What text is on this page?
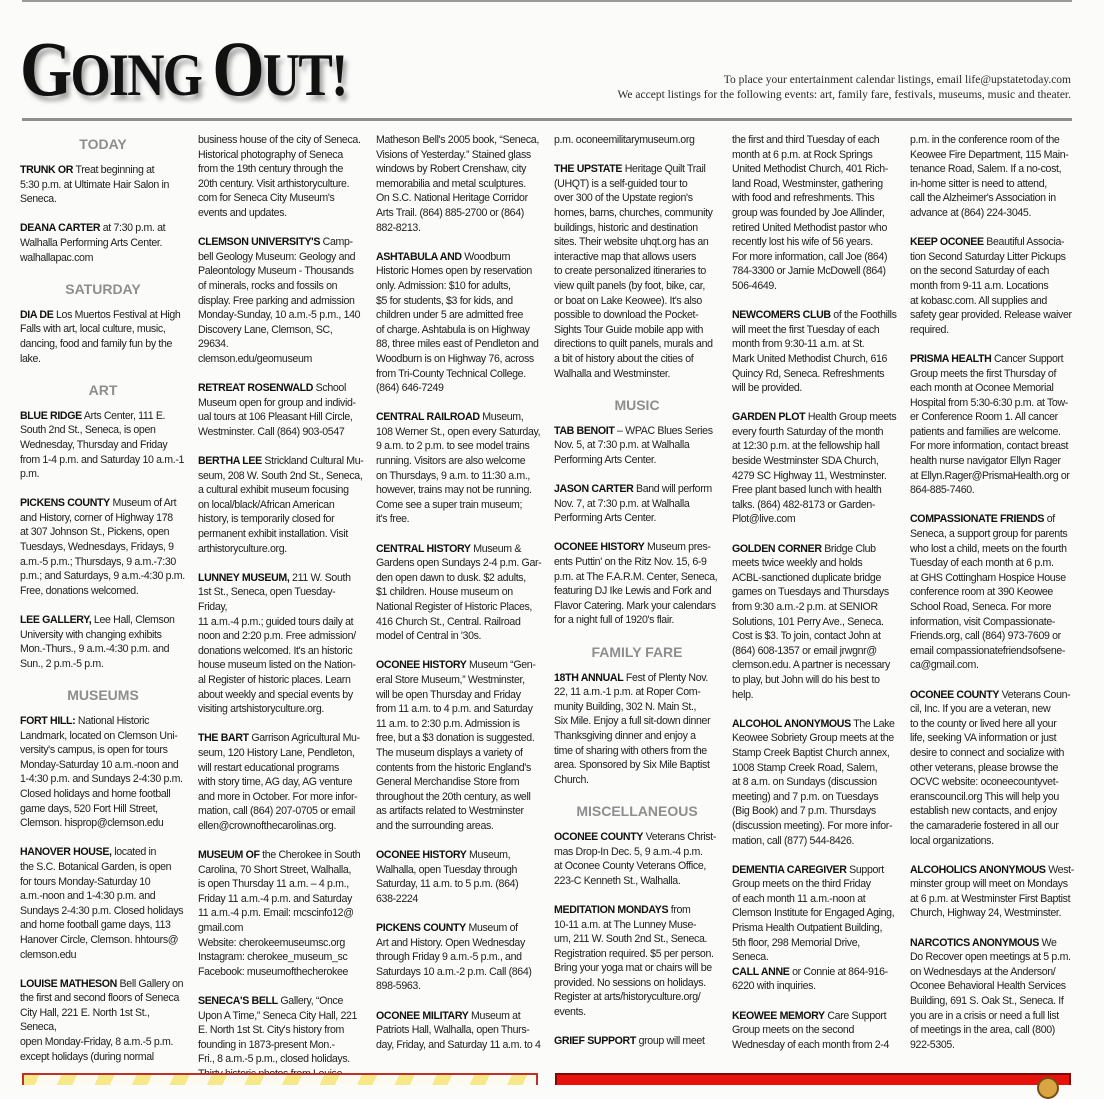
GOING OUT!	To place your entertainment calendar listings, email life@upstatetoday.com
We accept listings for the following events: art, family fare, festivals, museums, music and theater.
TODAY
TRUNK OR Treat beginning at
5:30 p.m. at Ultimate Hair Salon in
Seneca.
DEANA CARTER at 7:30 p.m. at
Walhalla Performing Arts Center.
walhallapac.com
SATURDAY
DIA DE Los Muertos Festival at High
Falls with art, local culture, music,
dancing, food and family fun by the
lake.
ART
BLUE RIDGE Arts Center, 111 E.
South 2nd St., Seneca, is open
Wednesday, Thursday and Friday
from 1-4 p.m. and Saturday 10 a.m.-1
p.m.
PICKENS COUNTY Museum of Art
and History, corner of Highway 178
at 307 Johnson St., Pickens, open
Tuesdays, Wednesdays, Fridays, 9
a.m.-5 p.m.; Thursdays, 9 a.m.-7:30
p.m.; and Saturdays, 9 a.m.-4:30 p.m.
Free, donations welcomed.
LEE GALLERY, Lee Hall, Clemson
University with changing exhibits
Mon.-Thurs., 9 a.m.-4:30 p.m. and
Sun., 2 p.m.-5 p.m.
MUSEUMS
FORT HILL: National Historic
Landmark, located on Clemson Uni-
versity's campus, is open for tours
Monday-Saturday 10 a.m.-noon and
1-4:30 p.m. and Sundays 2-4:30 p.m.
Closed holidays and home football
game days, 520 Fort Hill Street,
Clemson. hisprop@clemson.edu
HANOVER HOUSE, located in
the S.C. Botanical Garden, is open
for tours Monday-Saturday 10
a.m.-noon and 1-4:30 p.m. and
Sundays 2-4:30 p.m. Closed holidays
and home football game days, 113
Hanover Circle, Clemson. hhtours@
clemson.edu
LOUISE MATHESON Bell Gallery on
the first and second floors of Seneca
City Hall, 221 E. North 1st St., Seneca,
open Monday-Friday, 8 a.m.-5 p.m.
except holidays (during normal
business house of the city of Seneca.
Historical photography of Seneca
from the 19th century through the
20th century. Visit arthistoryculture.
com for Seneca City Museum's
events and updates.
CLEMSON UNIVERSITY'S Camp-
bell Geology Museum: Geology and
Paleontology Museum - Thousands
of minerals, rocks and fossils on
display. Free parking and admission
Monday-Sunday, 10 a.m.-5 p.m., 140
Discovery Lane, Clemson, SC, 29634.
clemson.edu/geomuseum
RETREAT ROSENWALD School
Museum open for group and individ-
ual tours at 106 Pleasant Hill Circle,
Westminster. Call (864) 903-0547
BERTHA LEE Strickland Cultural Mu-
seum, 208 W. South 2nd St., Seneca,
a cultural exhibit museum focusing
on local/black/African American
history, is temporarily closed for
permanent exhibit installation. Visit
arthistoryculture.org.
LUNNEY MUSEUM, 211 W. South
1st St., Seneca, open Tuesday-Friday,
11 a.m.-4 p.m.; guided tours daily at
noon and 2:20 p.m. Free admission/
donations welcomed. It's an historic
house museum listed on the Nation-
al Register of historic places. Learn
about weekly and special events by
visiting artshistoryculture.org.
THE BART Garrison Agricultural Mu-
seum, 120 History Lane, Pendleton,
will restart educational programs
with story time, AG day, AG venture
and more in October. For more infor-
mation, call (864) 207-0705 or email
ellen@crownofthecarolinas.org.
MUSEUM OF the Cherokee in South
Carolina, 70 Short Street, Walhalla,
is open Thursday 11 a.m. – 4 p.m.,
Friday 11 a.m.-4 p.m. and Saturday
11 a.m.-4 p.m. Email: mcscinfo12@
gmail.com
Website: cherokeemuseumsc.org
Instagram: cherokee_museum_sc
Facebook: museumofthecherokee
SENECA'S BELL Gallery, “Once
Upon A Time,” Seneca City Hall, 221
E. North 1st St. City's history from
founding in 1873-present Mon.-
Fri., 8 a.m.-5 p.m., closed holidays.
Matheson Bell's 2005 book, “Seneca,
Visions of Yesterday.” Stained glass
windows by Robert Crenshaw, city
memorabilia and metal sculptures.
On S.C. National Heritage Corridor
Arts Trail. (864) 885-2700 or (864)
882-8213.
ASHTABULA AND Woodburn
Historic Homes open by reservation
only. Admission: $10 for adults,
$5 for students, $3 for kids, and
children under 5 are admitted free
of charge. Ashtabula is on Highway
88, three miles east of Pendleton and
Woodburn is on Highway 76, across
from Tri-County Technical College.
(864) 646-7249
CENTRAL RAILROAD Museum,
108 Werner St., open every Saturday,
9 a.m. to 2 p.m. to see model trains
running. Visitors are also welcome
on Thursdays, 9 a.m. to 11:30 a.m.,
however, trains may not be running.
Come see a super train museum;
it's free.
CENTRAL HISTORY Museum &
Gardens open Sundays 2-4 p.m. Gar-
den open dawn to dusk. $2 adults,
$1 children. House museum on
National Register of Historic Places,
416 Church St., Central. Railroad
model of Central in '30s.
OCONEE HISTORY Museum “Gen-
eral Store Museum,” Westminster,
will be open Thursday and Friday
from 11 a.m. to 4 p.m. and Saturday
11 a.m. to 2:30 p.m. Admission is
free, but a $3 donation is suggested.
The museum displays a variety of
contents from the historic England's
General Merchandise Store from
throughout the 20th century, as well
as artifacts related to Westminster
and the surrounding areas.
OCONEE HISTORY Museum,
Walhalla, open Tuesday through
Saturday, 11 a.m. to 5 p.m. (864)
638-2224
PICKENS COUNTY Museum of
Art and History. Open Wednesday
through Friday 9 a.m.-5 p.m., and
Saturdays 10 a.m.-2 p.m. Call (864)
898-5963.
OCONEE MILITARY Museum at
Patriots Hall, Walhalla, open Thurs-
day, Friday, and Saturday 11 a.m. to 4
p.m. oconeemilitarymuseum.org
THE UPSTATE Heritage Quilt Trail
(UHQT) is a self-guided tour to
over 300 of the Upstate region's
homes, barns, churches, community
buildings, historic and destination
sites. Their website uhqt.org has an
interactive map that allows users
to create personalized itineraries to
view quilt panels (by foot, bike, car,
or boat on Lake Keowee). It's also
possible to download the Pocket-
Sights Tour Guide mobile app with
directions to quilt panels, murals and
a bit of history about the cities of
Walhalla and Westminster.
MUSIC
TAB BENOIT – WPAC Blues Series
Nov. 5, at 7:30 p.m. at Walhalla
Performing Arts Center.
JASON CARTER Band will perform
Nov. 7, at 7:30 p.m. at Walhalla
Performing Arts Center.
OCONEE HISTORY Museum pres-
ents Puttin' on the Ritz Nov. 15, 6-9
p.m. at The F.A.R.M. Center, Seneca,
featuring DJ Ike Lewis and Fork and
Flavor Catering. Mark your calendars
for a night full of 1920's flair.
FAMILY FARE
18TH ANNUAL Fest of Plenty Nov.
22, 11 a.m.-1 p.m. at Roper Com-
munity Building, 302 N. Main St.,
Six Mile. Enjoy a full sit-down dinner
Thanksgiving dinner and enjoy a
time of sharing with others from the
area. Sponsored by Six Mile Baptist
Church.
MISCELLANEOUS
OCONEE COUNTY Veterans Christ-
mas Drop-In Dec. 5, 9 a.m.-4 p.m.
at Oconee County Veterans Office,
223-C Kenneth St., Walhalla.
MEDITATION MONDAYS from
10-11 a.m. at The Lunney Muse-
um, 211 W. South 2nd St., Seneca.
Registration required. $5 per person.
Bring your yoga mat or chairs will be
provided. No sessions on holidays.
Register at arts/historyculture.org/
events.
GRIEF SUPPORT group will meet
the first and third Tuesday of each
month at 6 p.m. at Rock Springs
United Methodist Church, 401 Rich-
land Road, Westminster, gathering
with food and refreshments. This
group was founded by Joe Allinder,
retired United Methodist pastor who
recently lost his wife of 56 years.
For more information, call Joe (864)
784-3300 or Jamie McDowell (864)
506-4649.
NEWCOMERS CLUB of the Foothills
will meet the first Tuesday of each
month from 9:30-11 a.m. at St.
Mark United Methodist Church, 616
Quincy Rd, Seneca. Refreshments
will be provided.
GARDEN PLOT Health Group meets
every fourth Saturday of the month
at 12:30 p.m. at the fellowship hall
beside Westminster SDA Church,
4279 SC Highway 11, Westminster.
Free plant based lunch with health
talks. (864) 482-8173 or Garden-
Plot@live.com
GOLDEN CORNER Bridge Club
meets twice weekly and holds
ACBL-sanctioned duplicate bridge
games on Tuesdays and Thursdays
from 9:30 a.m.-2 p.m. at SENIOR
Solutions, 101 Perry Ave., Seneca.
Cost is $3. To join, contact John at
(864) 608-1357 or email jrwgnr@
clemson.edu. A partner is necessary
to play, but John will do his best to
help.
ALCOHOL ANONYMOUS The Lake
Keowee Sobriety Group meets at the
Stamp Creek Baptist Church annex,
1008 Stamp Creek Road, Salem,
at 8 a.m. on Sundays (discussion
meeting) and 7 p.m. on Tuesdays
(Big Book) and 7 p.m. Thursdays
(discussion meeting). For more infor-
mation, call (877) 544-8426.
DEMENTIA CAREGIVER Support
Group meets on the third Friday
of each month 11 a.m.-noon at
Clemson Institute for Engaged Aging,
Prisma Health Outpatient Building,
5th floor, 298 Memorial Drive,
Seneca.
CALL ANNE or Connie at 864-916-
6220 with inquiries.
KEOWEE MEMORY Care Support
Group meets on the second
Wednesday of each month from 2-4
p.m. in the conference room of the
Keowee Fire Department, 115 Main-
tenance Road, Salem. If a no-cost,
in-home sitter is need to attend,
call the Alzheimer's Association in
advance at (864) 224-3045.
KEEP OCONEE Beautiful Associa-
tion Second Saturday Litter Pickups
on the second Saturday of each
month from 9-11 a.m. Locations
at kobasc.com. All supplies and
safety gear provided. Release waiver
required.
PRISMA HEALTH Cancer Support
Group meets the first Thursday of
each month at Oconee Memorial
Hospital from 5:30-6:30 p.m. at Tow-
er Conference Room 1. All cancer
patients and families are welcome.
For more information, contact breast
health nurse navigator Ellyn Rager
at Ellyn.Rager@PrismaHealth.org or
864-885-7460.
COMPASSIONATE FRIENDS of
Seneca, a support group for parents
who lost a child, meets on the fourth
Tuesday of each month at 6 p.m.
at GHS Cottingham Hospice House
conference room at 390 Keowee
School Road, Seneca. For more
information, visit Compassionate-
Friends.org, call (864) 973-7609 or
email compassionatefriendsofsene-
ca@gmail.com.
OCONEE COUNTY Veterans Coun-
cil, Inc. If you are a veteran, new
to the county or lived here all your
life, seeking VA information or just
desire to connect and socialize with
other veterans, please browse the
OCVC website: oconeecountyvet-
eranscouncil.org This will help you
establish new contacts, and enjoy
the camaraderie fostered in all our
local organizations.
ALCOHOLICS ANONYMOUS West-
minster group will meet on Mondays
at 6 p.m. at Westminster First Baptist
Church, Highway 24, Westminster.
NARCOTICS ANONYMOUS We
Do Recover open meetings at 5 p.m.
on Wednesdays at the Anderson/
Oconee Behavioral Health Services
Building, 691 S. Oak St., Seneca. If
you are in a crisis or need a full list
of meetings in the area, call (800)
922-5305.
